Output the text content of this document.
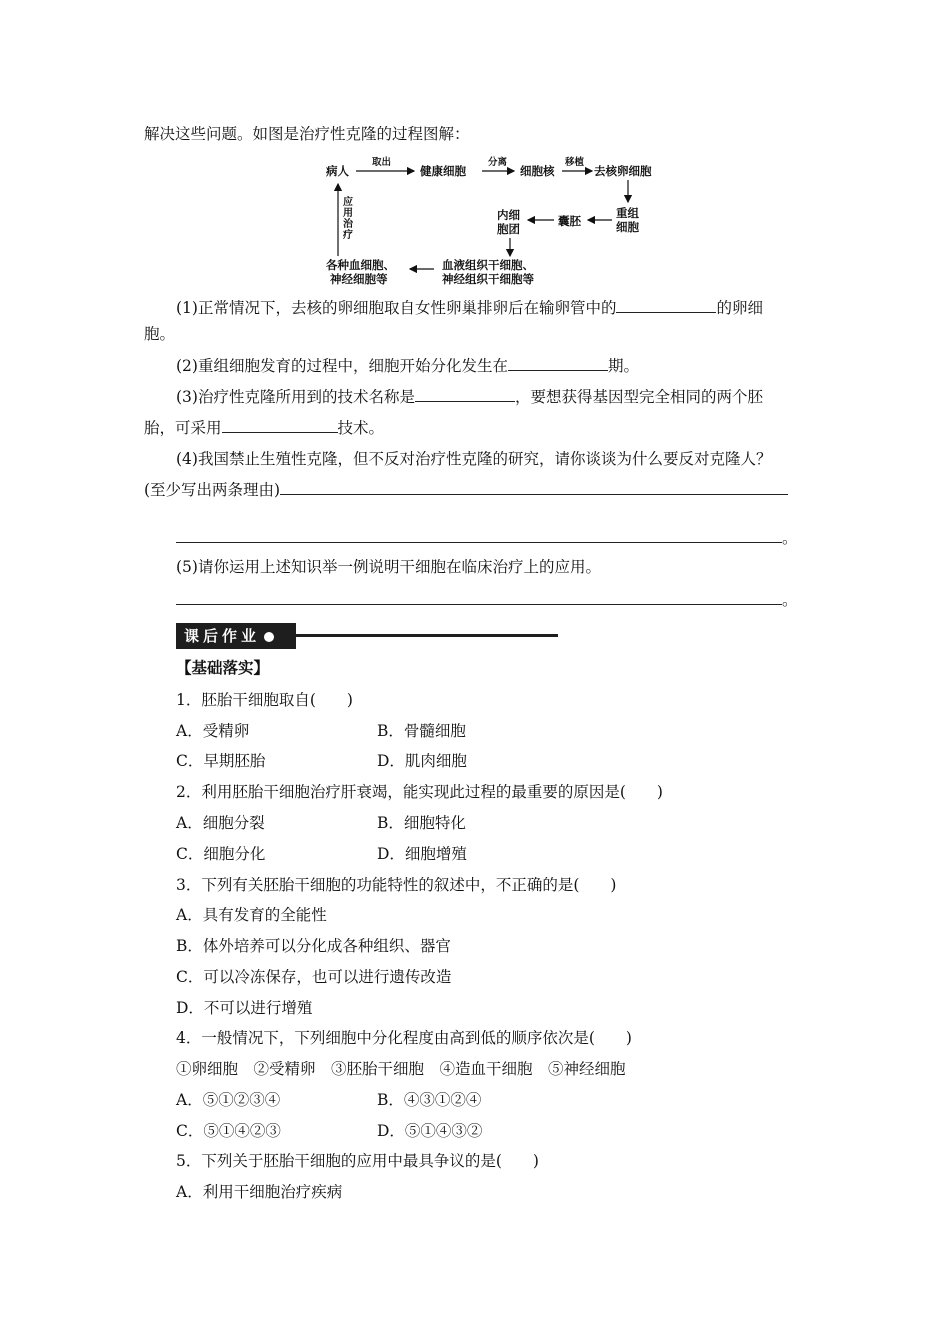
解决这些问题。如图是治疗性克隆的过程图解：
病人
取出
健康细胞
分离
细胞核
移植
去核卵细胞
重组
细胞
囊胚
内细
胞团
血液组织干细胞、
神经组织干细胞等
各种血细胞、
神经细胞等
应用治疗
(1)正常情况下，去核的卵细胞取自女性卵巢排卵后在输卵管中的	的卵细
胞。
(2)重组细胞发育的过程中，细胞开始分化发生在	期。
(3)治疗性克隆所用到的技术名称是	，要想获得基因型完全相同的两个胚
胎，可采用	技术。
(4)我国禁止生殖性克隆，但不反对治疗性克隆的研究，请你谈谈为什么要反对克隆人？
(至少写出两条理由)
。
(5)请你运用上述知识举一例说明干细胞在临床治疗上的应用。
。
课后作业
【基础落实】
1．胚胎干细胞取自(　　)
A．受精卵	B．骨髓细胞
C．早期胚胎	D．肌肉细胞
2．利用胚胎干细胞治疗肝衰竭，能实现此过程的最重要的原因是(　　)
A．细胞分裂	B．细胞特化
C．细胞分化	D．细胞增殖
3．下列有关胚胎干细胞的功能特性的叙述中，不正确的是(　　)
A．具有发育的全能性
B．体外培养可以分化成各种组织、器官
C．可以冷冻保存，也可以进行遗传改造
D．不可以进行增殖
4．一般情况下，下列细胞中分化程度由高到低的顺序依次是(　　)
①卵细胞　②受精卵　③胚胎干细胞　④造血干细胞　⑤神经细胞
A．⑤①②③④	B．④③①②④
C．⑤①④②③	D．⑤①④③②
5．下列关于胚胎干细胞的应用中最具争议的是(　　)
A．利用干细胞治疗疾病
